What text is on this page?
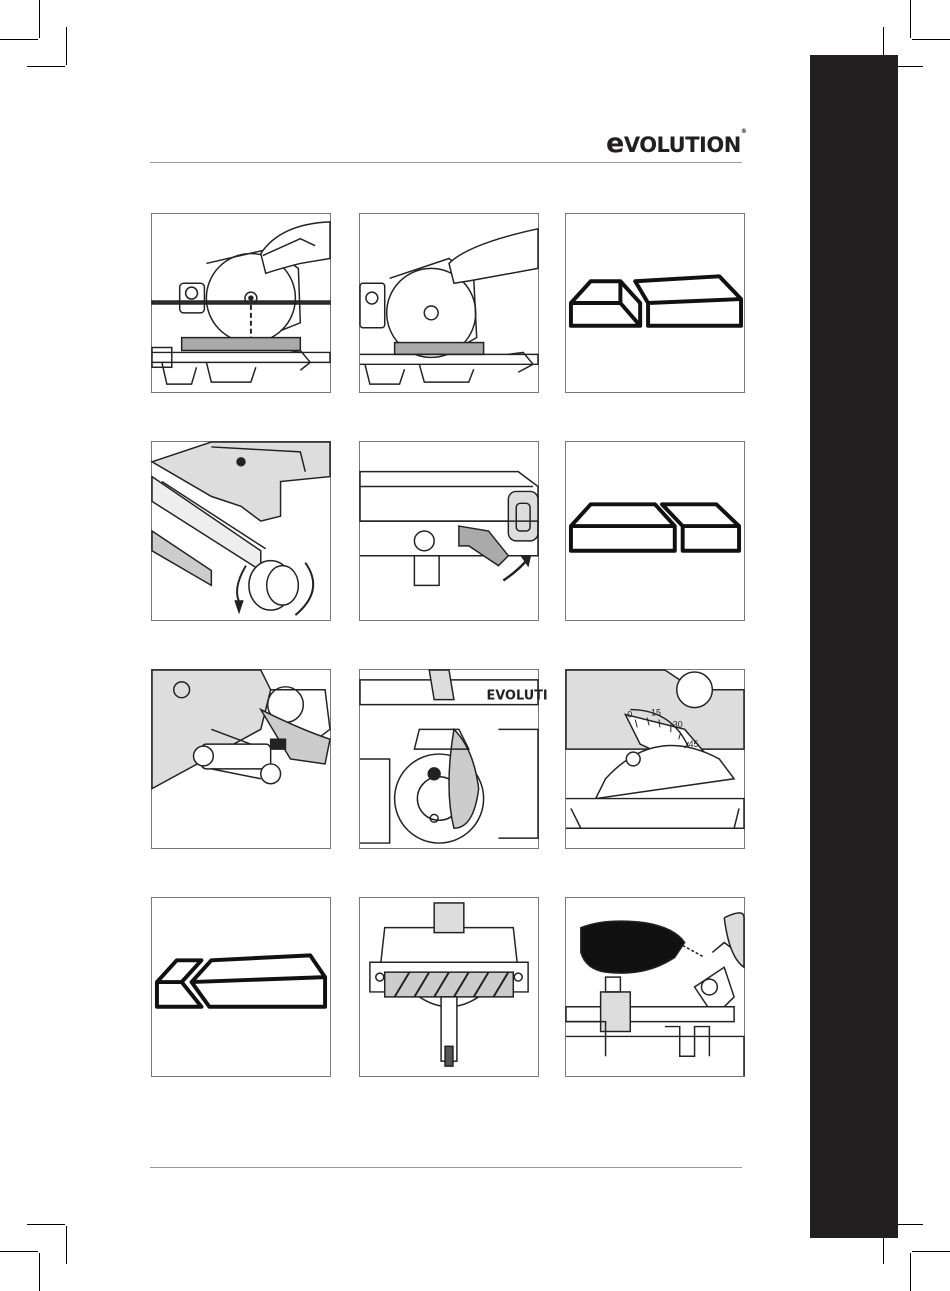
eVOLUTION®
EVOLUTI
0 15
30
45
